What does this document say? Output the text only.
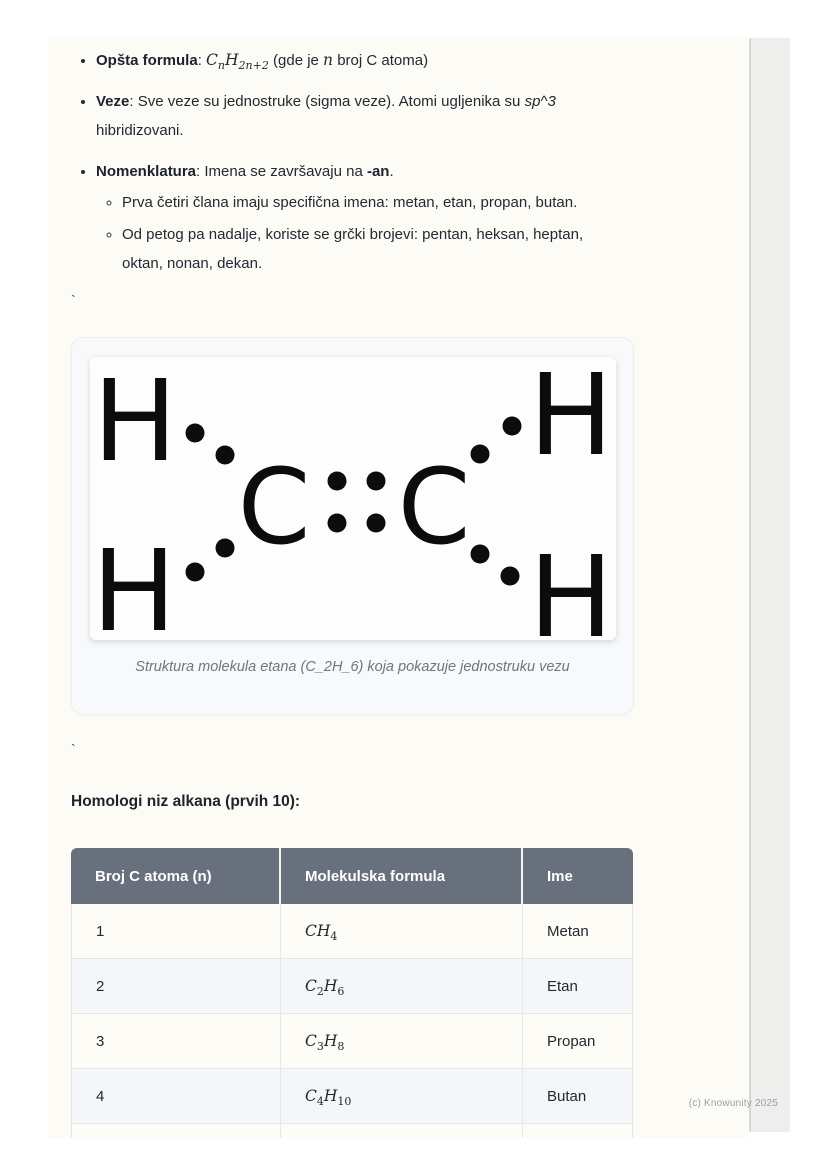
• Opšta formula: $C_nH_{2n+2}$ (gde je n broj C atoma)
• Veze: Sve veze su jednostruke (sigma veze). Atomi ugljenika su sp^3
hibridizovani.
• Nomenklatura: Imena se završavaju na -an.
◦ Prva četiri člana imaju specifična imena: metan, etan, propan, butan.
◦ Od petog pa nadalje, koriste se grčki brojevi: pentan, heksan, heptan,
oktan, nonan, dekan.
`
H	H
H	H
C C
Struktura molekula etana (C_2H_6) koja pokazuje jednostruku vezu
`
Homologi niz alkana (prvih 10):
Broj C atoma (n)	Molekulska formula	Ime
1	$CH_4$	Metan
2	$C_2H_6$	Etan
3	$C_3H_8$	Propan
4	$C_4H_{10}$	Butan
			(c) Knowunity 2025
